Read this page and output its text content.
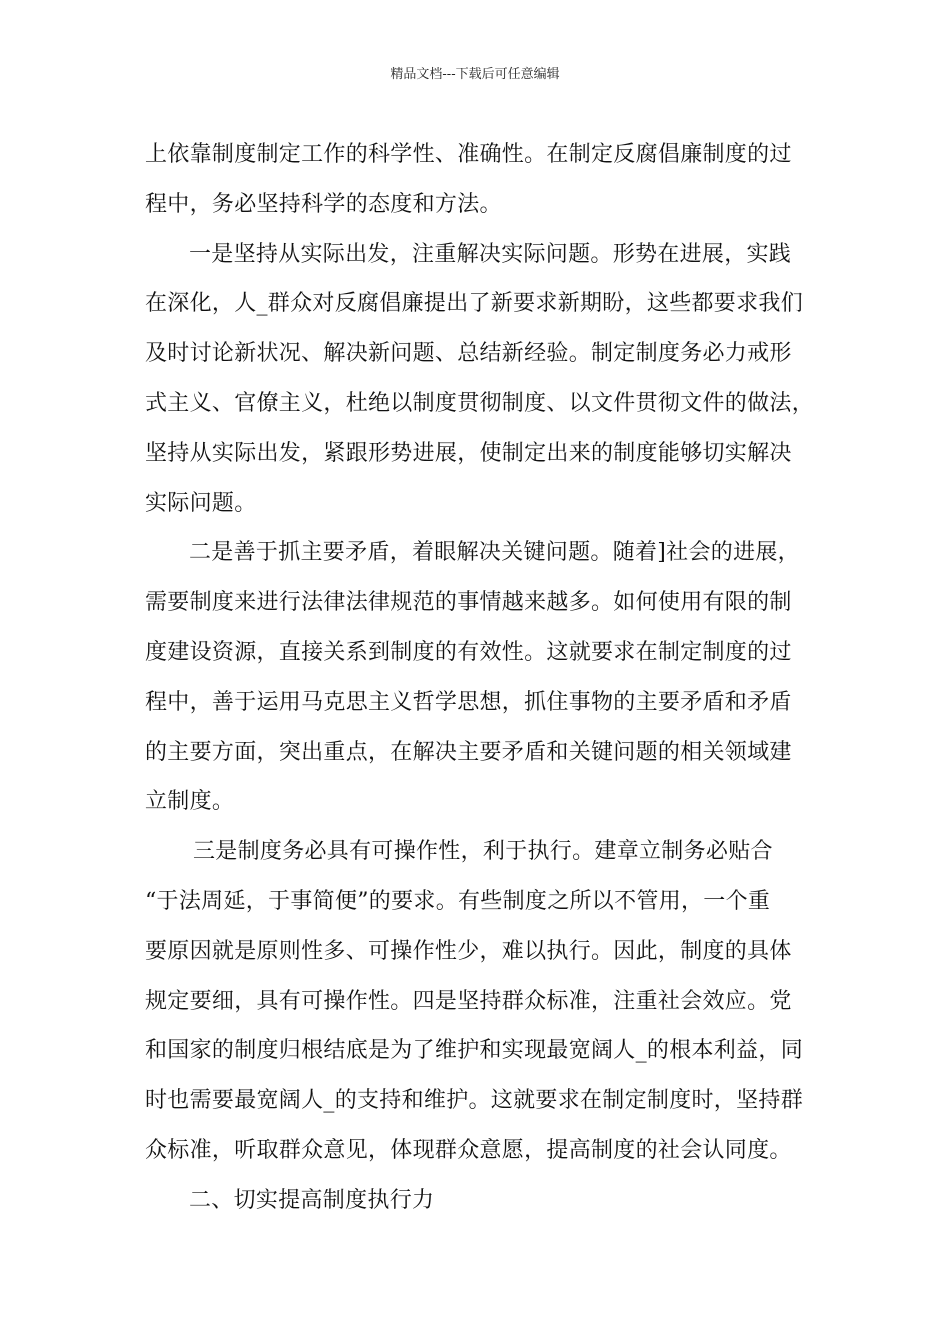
精品文档---下载后可任意编辑
上依靠制度制定工作的科学性、准确性。在制定反腐倡廉制度的过
程中，务必坚持科学的态度和方法。
一是坚持从实际出发，注重解决实际问题。形势在进展，实践
在深化，人_群众对反腐倡廉提出了新要求新期盼，这些都要求我们
及时讨论新状况、解决新问题、总结新经验。制定制度务必力戒形
式主义、官僚主义，杜绝以制度贯彻制度、以文件贯彻文件的做法，
坚持从实际出发，紧跟形势进展，使制定出来的制度能够切实解决
实际问题。
二是善于抓主要矛盾，着眼解决关键问题。随着]社会的进展，
需要制度来进行法律法律规范的事情越来越多。如何使用有限的制
度建设资源，直接关系到制度的有效性。这就要求在制定制度的过
程中，善于运用马克思主义哲学思想，抓住事物的主要矛盾和矛盾
的主要方面，突出重点，在解决主要矛盾和关键问题的相关领域建
立制度。
三是制度务必具有可操作性，利于执行。建章立制务必贴合
“于法周延，于事简便”的要求。有些制度之所以不管用，一个重
要原因就是原则性多、可操作性少，难以执行。因此，制度的具体
规定要细，具有可操作性。四是坚持群众标准，注重社会效应。党
和国家的制度归根结底是为了维护和实现最宽阔人_的根本利益，同
时也需要最宽阔人_的支持和维护。这就要求在制定制度时，坚持群
众标准，听取群众意见，体现群众意愿，提高制度的社会认同度。
二、切实提高制度执行力
